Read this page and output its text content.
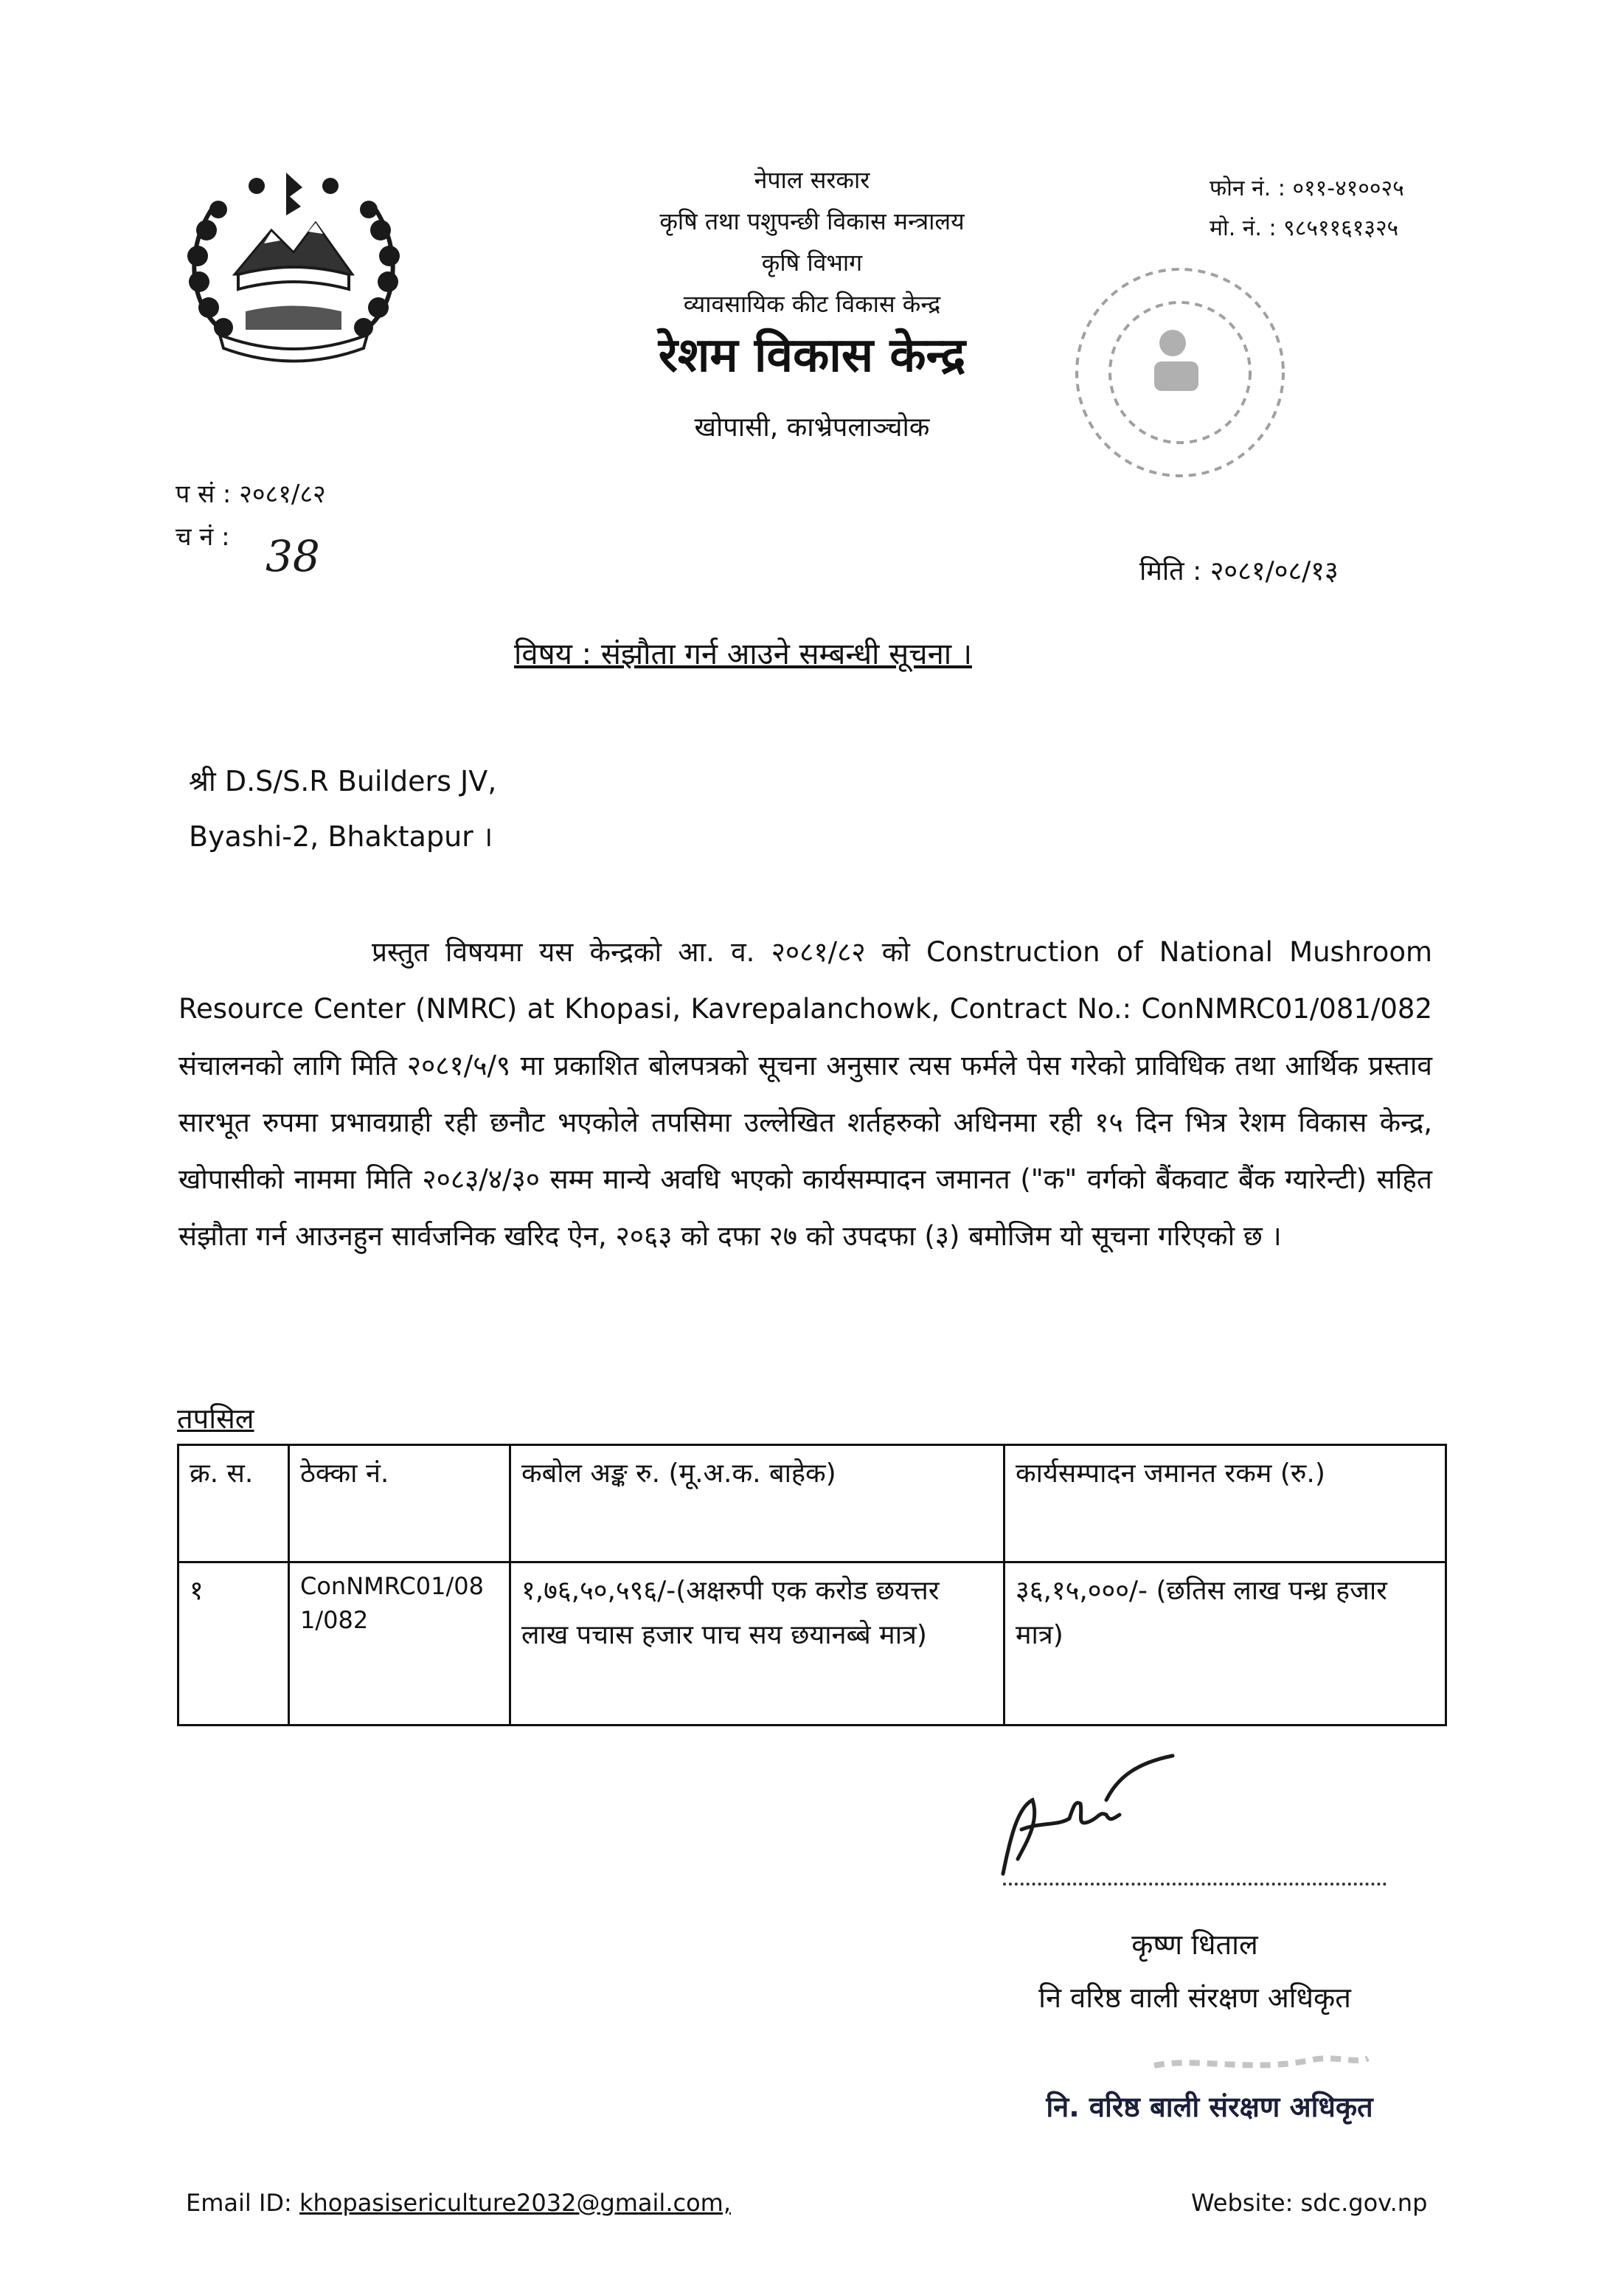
नेपाल सरकार
कृषि तथा पशुपन्छी विकास मन्त्रालय
कृषि विभाग
व्यावसायिक कीट विकास केन्द्र
रेशम विकास केन्द्र
खोपासी, काभ्रेपलाञ्चोक
फोन नं. : ०११-४१००२५
मो. नं. : ९८५११६१३२५
प सं : २०८१/८२
च नं : 38	मिति : २०८१/०८/१३
विषय : संझौता गर्न आउने सम्बन्धी सूचना ।
श्री D.S/S.R Builders JV,
Byashi-2, Bhaktapur ।

प्रस्तुत विषयमा यस केन्द्रको आ. व. २०८१/८२ को Construction of National Mushroom Resource Center (NMRC) at Khopasi, Kavrepalanchowk, Contract No.: ConNMRC01/081/082 संचालनको लागि मिति २०८१/५/९ मा प्रकाशित बोलपत्रको सूचना अनुसार त्यस फर्मले पेस गरेको प्राविधिक तथा आर्थिक प्रस्ताव सारभूत रुपमा प्रभावग्राही रही छनौट भएकोले तपसिमा उल्लेखित शर्तहरुको अधिनमा रही १५ दिन भित्र रेशम विकास केन्द्र, खोपासीको नाममा मिति २०८३/४/३० सम्म मान्ये अवधि भएको कार्यसम्पादन जमानत ("क" वर्गको बैंकवाट बैंक ग्यारेन्टी) सहित संझौता गर्न आउनहुन सार्वजनिक खरिद ऐन, २०६३ को दफा २७ को उपदफा (३) बमोजिम यो सूचना गरिएको छ ।

तपसिल
क्र. स.	ठेक्का नं.	कबोल अङ्क रु. (मू.अ.क. बाहेक)	कार्यसम्पादन जमानत रकम (रु.)
१	ConNMRC01/081/082	१,७६,५०,५९६/-(अक्षरुपी एक करोड छयत्तर लाख पचास हजार पाच सय छयानब्बे मात्र)	३६,१५,०००/- (छतिस लाख पन्ध्र हजार मात्र)
कृष्ण धिताल
नि वरिष्ठ वाली संरक्षण अधिकृत
नि. वरिष्ठ बाली संरक्षण अधिकृत
Email ID: khopasisericulture2032@gmail.com,	Website: sdc.gov.np
